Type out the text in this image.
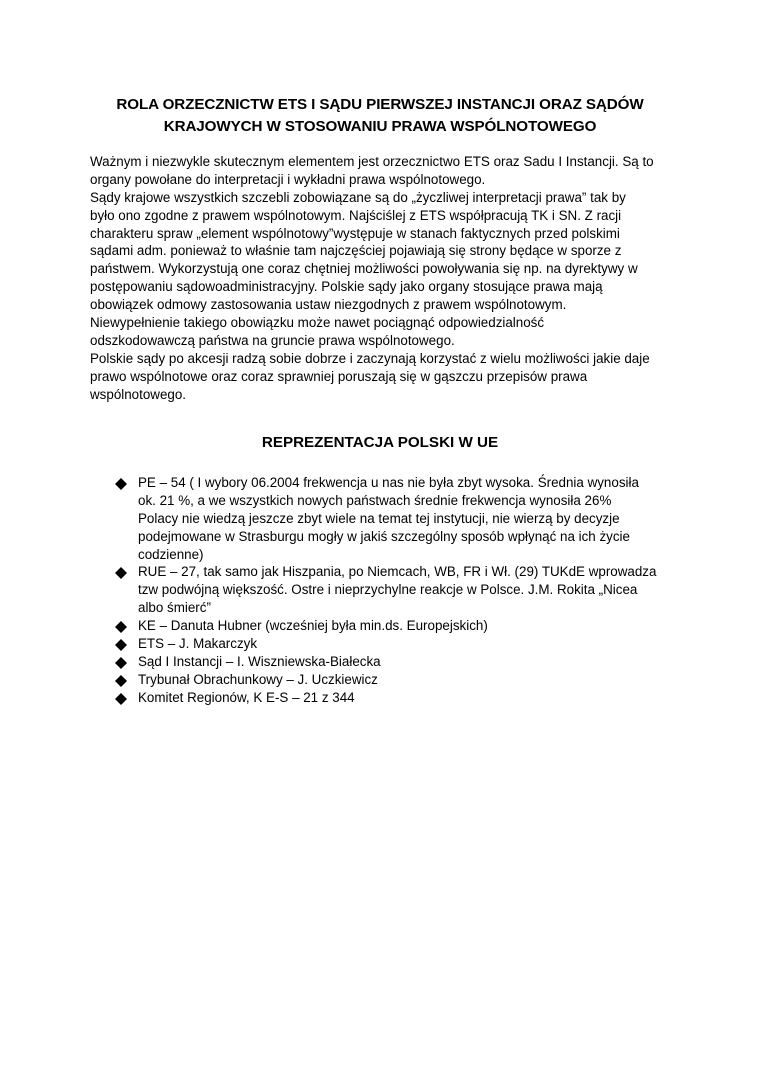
ROLA ORZECZNICTW ETS I SĄDU PIERWSZEJ INSTANCJI ORAZ SĄDÓW
KRAJOWYCH W STOSOWANIU PRAWA WSPÓLNOTOWEGO
Ważnym i niezwykle skutecznym elementem jest orzecznictwo ETS oraz Sadu I Instancji. Są to
organy powołane do interpretacji i wykładni prawa wspólnotowego.
Sądy krajowe wszystkich szczebli zobowiązane są do „życzliwej interpretacji prawa” tak by
było ono zgodne z prawem wspólnotowym. Najściślej z ETS współpracują TK i SN. Z racji
charakteru spraw „element wspólnotowy”występuje w stanach faktycznych przed polskimi
sądami adm. ponieważ to właśnie tam najczęściej pojawiają się strony będące w sporze z
państwem. Wykorzystują one coraz chętniej możliwości powoływania się np. na dyrektywy w
postępowaniu sądowoadministracyjny. Polskie sądy jako organy stosujące prawa mają
obowiązek odmowy zastosowania ustaw niezgodnych z prawem wspólnotowym.
Niewypełnienie takiego obowiązku może nawet pociągnąć odpowiedzialność
odszkodowawczą państwa na gruncie prawa wspólnotowego.
Polskie sądy po akcesji radzą sobie dobrze i zaczynają korzystać z wielu możliwości jakie daje
prawo wspólnotowe oraz coraz sprawniej poruszają się w gąszczu przepisów prawa
wspólnotowego.
REPREZENTACJA POLSKI W UE
PE – 54 ( I wybory 06.2004 frekwencja u nas nie była zbyt wysoka. Średnia wynosiła
ok. 21 %, a we wszystkich nowych państwach średnie frekwencja wynosiła 26%
Polacy nie wiedzą jeszcze zbyt wiele na temat tej instytucji, nie wierzą by decyzje
podejmowane w Strasburgu mogły w jakiś szczególny sposób wpłynąć na ich życie
codzienne)
RUE – 27, tak samo jak Hiszpania, po Niemcach, WB, FR i Wł. (29) TUKdE wprowadza
tzw podwójną większość. Ostre i nieprzychylne reakcje w Polsce. J.M. Rokita „Nicea
albo śmierć”
KE – Danuta Hubner (wcześniej była min.ds. Europejskich)
ETS – J. Makarczyk
Sąd I Instancji – I. Wiszniewska-Białecka
Trybunał Obrachunkowy – J. Uczkiewicz
Komitet Regionów, K E-S – 21 z 344
